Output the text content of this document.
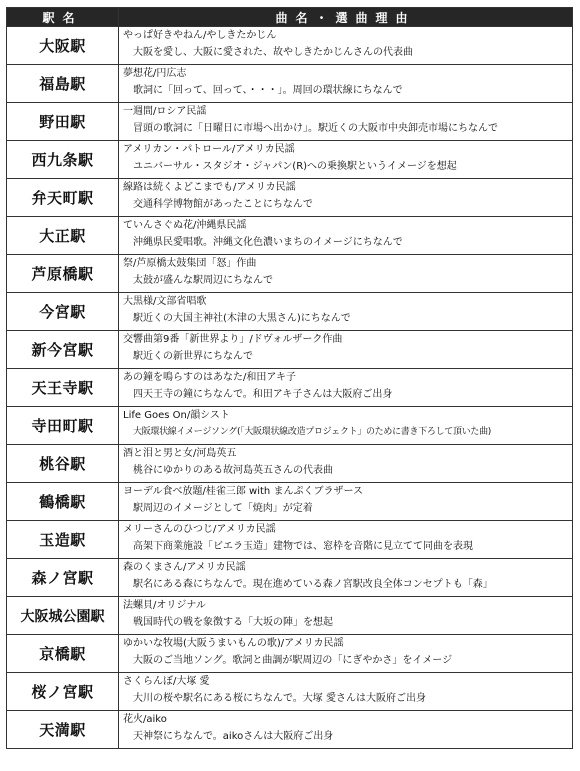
駅名	曲名・選曲理由
大阪駅	やっぱ好きやねん/やしきたかじん
大阪を愛し、大阪に愛された、故やしきたかじんさんの代表曲

福島駅	夢想花/円広志
歌詞に「回って、回って、・・・」。周回の環状線にちなんで

野田駅	一週間/ロシア民謡
冒頭の歌詞に「日曜日に市場へ出かけ」。駅近くの大阪市中央卸売市場にちなんで

西九条駅	アメリカン・パトロール/アメリカ民謡
ユニバーサル・スタジオ・ジャパン(R)への乗換駅というイメージを想起

弁天町駅	線路は続くよどこまでも/アメリカ民謡
交通科学博物館があったことにちなんで

大正駅	ていんさぐぬ花/沖縄県民謡
沖縄県民愛唱歌。沖縄文化色濃いまちのイメージにちなんで

芦原橋駅	祭/芦原橋太鼓集団「怒」作曲
太鼓が盛んな駅周辺にちなんで

今宮駅	大黒様/文部省唱歌
駅近くの大国主神社(木津の大黒さん)にちなんで

新今宮駅	交響曲第9番「新世界より」/ドヴォルザーク作曲
駅近くの新世界にちなんで

天王寺駅	あの鐘を鳴らすのはあなた/和田アキ子
四天王寺の鐘にちなんで。和田アキ子さんは大阪府ご出身

寺田町駅	Life Goes On/韻シスト
大阪環状線イメージソング(「大阪環状線改造プロジェクト」のために書き下ろして頂いた曲)

桃谷駅	酒と泪と男と女/河島英五
桃谷にゆかりのある故河島英五さんの代表曲

鶴橋駅	ヨーデル食べ放題/桂雀三郎 with まんぷくブラザース
駅周辺のイメージとして「焼肉」が定着

玉造駅	メリーさんのひつじ/アメリカ民謡
高架下商業施設「ビエラ玉造」建物では、窓枠を音階に見立てて同曲を表現

森ノ宮駅	森のくまさん/アメリカ民謡
駅名にある森にちなんで。現在進めている森ノ宮駅改良全体コンセプトも「森」

大阪城公園駅	法螺貝/オリジナル
戦国時代の戦を象徴する「大坂の陣」を想起

京橋駅	ゆかいな牧場(大阪うまいもんの歌)/アメリカ民謡
大阪のご当地ソング。歌詞と曲調が駅周辺の「にぎやかさ」をイメージ

桜ノ宮駅	さくらんぼ/大塚 愛
大川の桜や駅名にある桜にちなんで。大塚 愛さんは大阪府ご出身

天満駅	花火/aiko
天神祭にちなんで。aikoさんは大阪府ご出身
